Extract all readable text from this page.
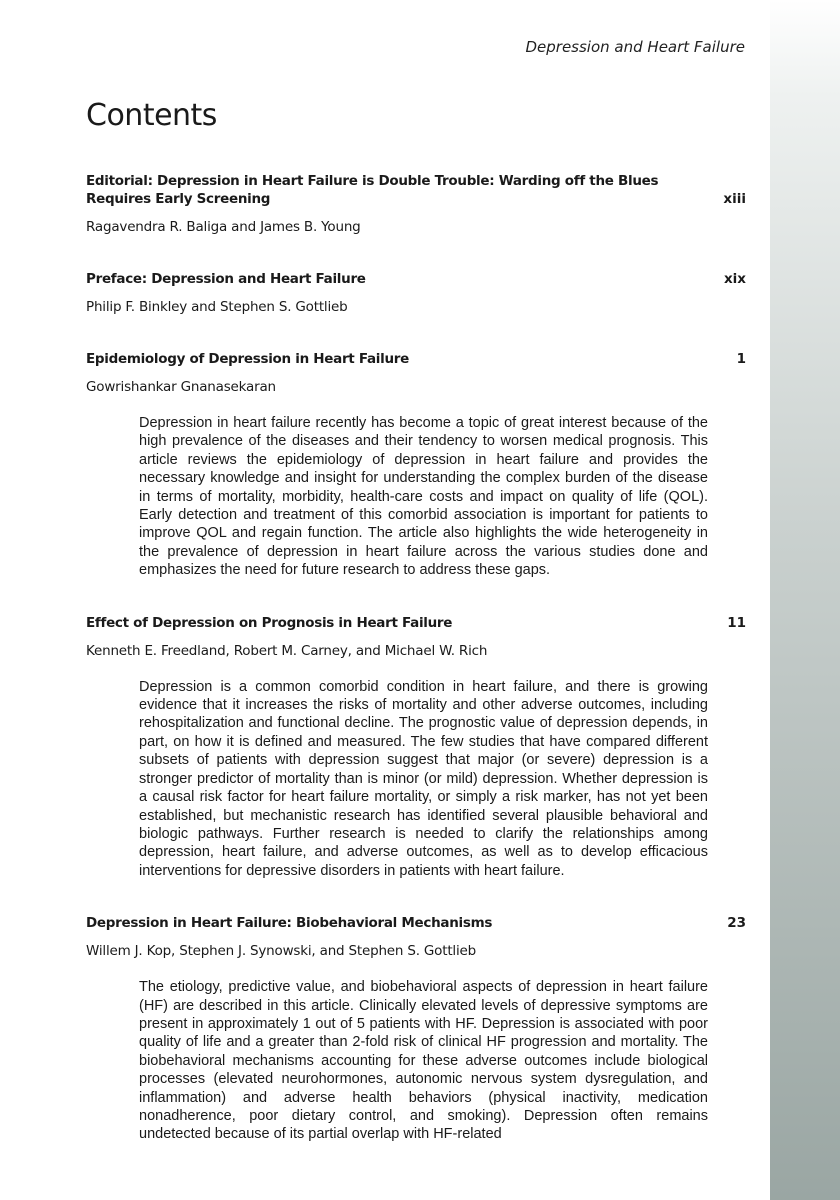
Depression and Heart Failure
Contents
Editorial: Depression in Heart Failure is Double Trouble: Warding off the Blues
Requires Early Screening	xiii
Ragavendra R. Baliga and James B. Young
Preface: Depression and Heart Failure	xix
Philip F. Binkley and Stephen S. Gottlieb
Epidemiology of Depression in Heart Failure	1
Gowrishankar Gnanasekaran
Depression in heart failure recently has become a topic of great interest because of the high prevalence of the diseases and their tendency to worsen medical prognosis. This article reviews the epidemiology of depression in heart failure and provides the necessary knowledge and insight for understanding the complex burden of the disease in terms of mortality, morbidity, health-care costs and impact on quality of life (QOL). Early detection and treatment of this comorbid association is important for patients to improve QOL and regain function. The article also highlights the wide heterogeneity in the prevalence of depression in heart failure across the various studies done and emphasizes the need for future research to address these gaps.
Effect of Depression on Prognosis in Heart Failure	11
Kenneth E. Freedland, Robert M. Carney, and Michael W. Rich
Depression is a common comorbid condition in heart failure, and there is growing evidence that it increases the risks of mortality and other adverse outcomes, including rehospitalization and functional decline. The prognostic value of depression depends, in part, on how it is defined and measured. The few studies that have compared different subsets of patients with depression suggest that major (or severe) depression is a stronger predictor of mortality than is minor (or mild) depression. Whether depression is a causal risk factor for heart failure mortality, or simply a risk marker, has not yet been established, but mechanistic research has identified several plausible behavioral and biologic pathways. Further research is needed to clarify the relationships among depression, heart failure, and adverse outcomes, as well as to develop efficacious interventions for depressive disorders in patients with heart failure.
Depression in Heart Failure: Biobehavioral Mechanisms	23
Willem J. Kop, Stephen J. Synowski, and Stephen S. Gottlieb
The etiology, predictive value, and biobehavioral aspects of depression in heart failure (HF) are described in this article. Clinically elevated levels of depressive symptoms are present in approximately 1 out of 5 patients with HF. Depression is associated with poor quality of life and a greater than 2-fold risk of clinical HF progression and mortality. The biobehavioral mechanisms accounting for these adverse outcomes include biological processes (elevated neurohormones, autonomic nervous system dysregulation, and inflammation) and adverse health behaviors (physical inactivity, medication nonadherence, poor dietary control, and smoking). Depression often remains undetected because of its partial overlap with HF-related
